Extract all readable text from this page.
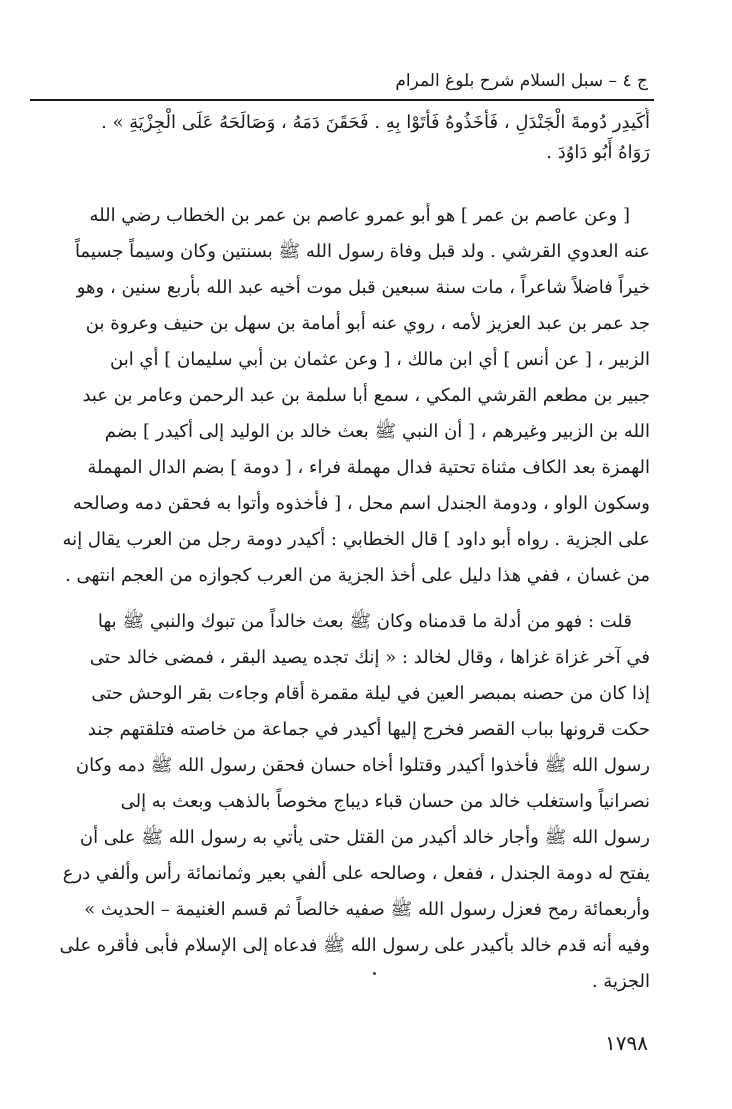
ج ٤ – سبل السلام شرح بلوغ المرام
أُكَيدِر دُومةَ الْجَنْدَلِ ، فَأَخَذُوهُ فَأَتَوْا بِهِ . فَحَقَنَ دَمَهُ ، وَصَالَحَهُ عَلَى الْجِزْيَةِ » .
رَوَاهُ أَبُو دَاوُدَ .
[ وعن عاصم بن عمر ] هو أبو عمرو عاصم بن عمر بن الخطاب رضي الله
عنه العدوي القرشي . ولد قبل وفاة رسول الله ﷺ بسنتين وكان وسيماً جسيماً
خيراً فاضلاً شاعراً ، مات سنة سبعين قبل موت أخيه عبد الله بأربع سنين ، وهو
جد عمر بن عبد العزيز لأمه ، روي عنه أبو أمامة بن سهل بن حنيف وعروة بن
الزبير ، [ عن أنس ] أي ابن مالك ، [ وعن عثمان بن أبي سليمان ] أي ابن
جبير بن مطعم القرشي المكي ، سمع أبا سلمة بن عبد الرحمن وعامر بن عبد
الله بن الزبير وغيرهم ، [ أن النبي ﷺ بعث خالد بن الوليد إلى أكيدر ] بضم
الهمزة بعد الكاف مثناة تحتية فدال مهملة فراء ، [ دومة ] بضم الدال المهملة
وسكون الواو ، ودومة الجندل اسم محل ، [ فأخذوه وأتوا به فحقن دمه وصالحه
على الجزية . رواه أبو داود ] قال الخطابي : أكيدر دومة رجل من العرب يقال إنه
من غسان ، ففي هذا دليل على أخذ الجزية من العرب كجوازه من العجم انتهى .
قلت : فهو من أدلة ما قدمناه وكان ﷺ بعث خالداً من تبوك والنبي ﷺ بها
في آخر غزاة غزاها ، وقال لخالد : « إنك تجده يصيد البقر ، فمضى خالد حتى
إذا كان من حصنه بمبصر العين في ليلة مقمرة أقام وجاءت بقر الوحش حتى
حكت قرونها بباب القصر فخرج إليها أكيدر في جماعة من خاصته فتلقتهم جند
رسول الله ﷺ فأخذوا أكيدر وقتلوا أخاه حسان فحقن رسول الله ﷺ دمه وكان
نصرانياً واستغلب خالد من حسان قباء ديباج مخوصاً بالذهب وبعث به إلى
رسول الله ﷺ وأجار خالد أكيدر من القتل حتى يأتي به رسول الله ﷺ على أن
يفتح له دومة الجندل ، ففعل ، وصالحه على ألفي بعير وثمانمائة رأس وألفي درع
وأربعمائة رمح فعزل رسول الله ﷺ صفيه خالصاً ثم قسم الغنيمة – الحديث »
وفيه أنه قدم خالد بأكيدر على رسول الله ﷺ فدعاه إلى الإسلام فأبى فأقره على
الجزية .
١٧٩٨
